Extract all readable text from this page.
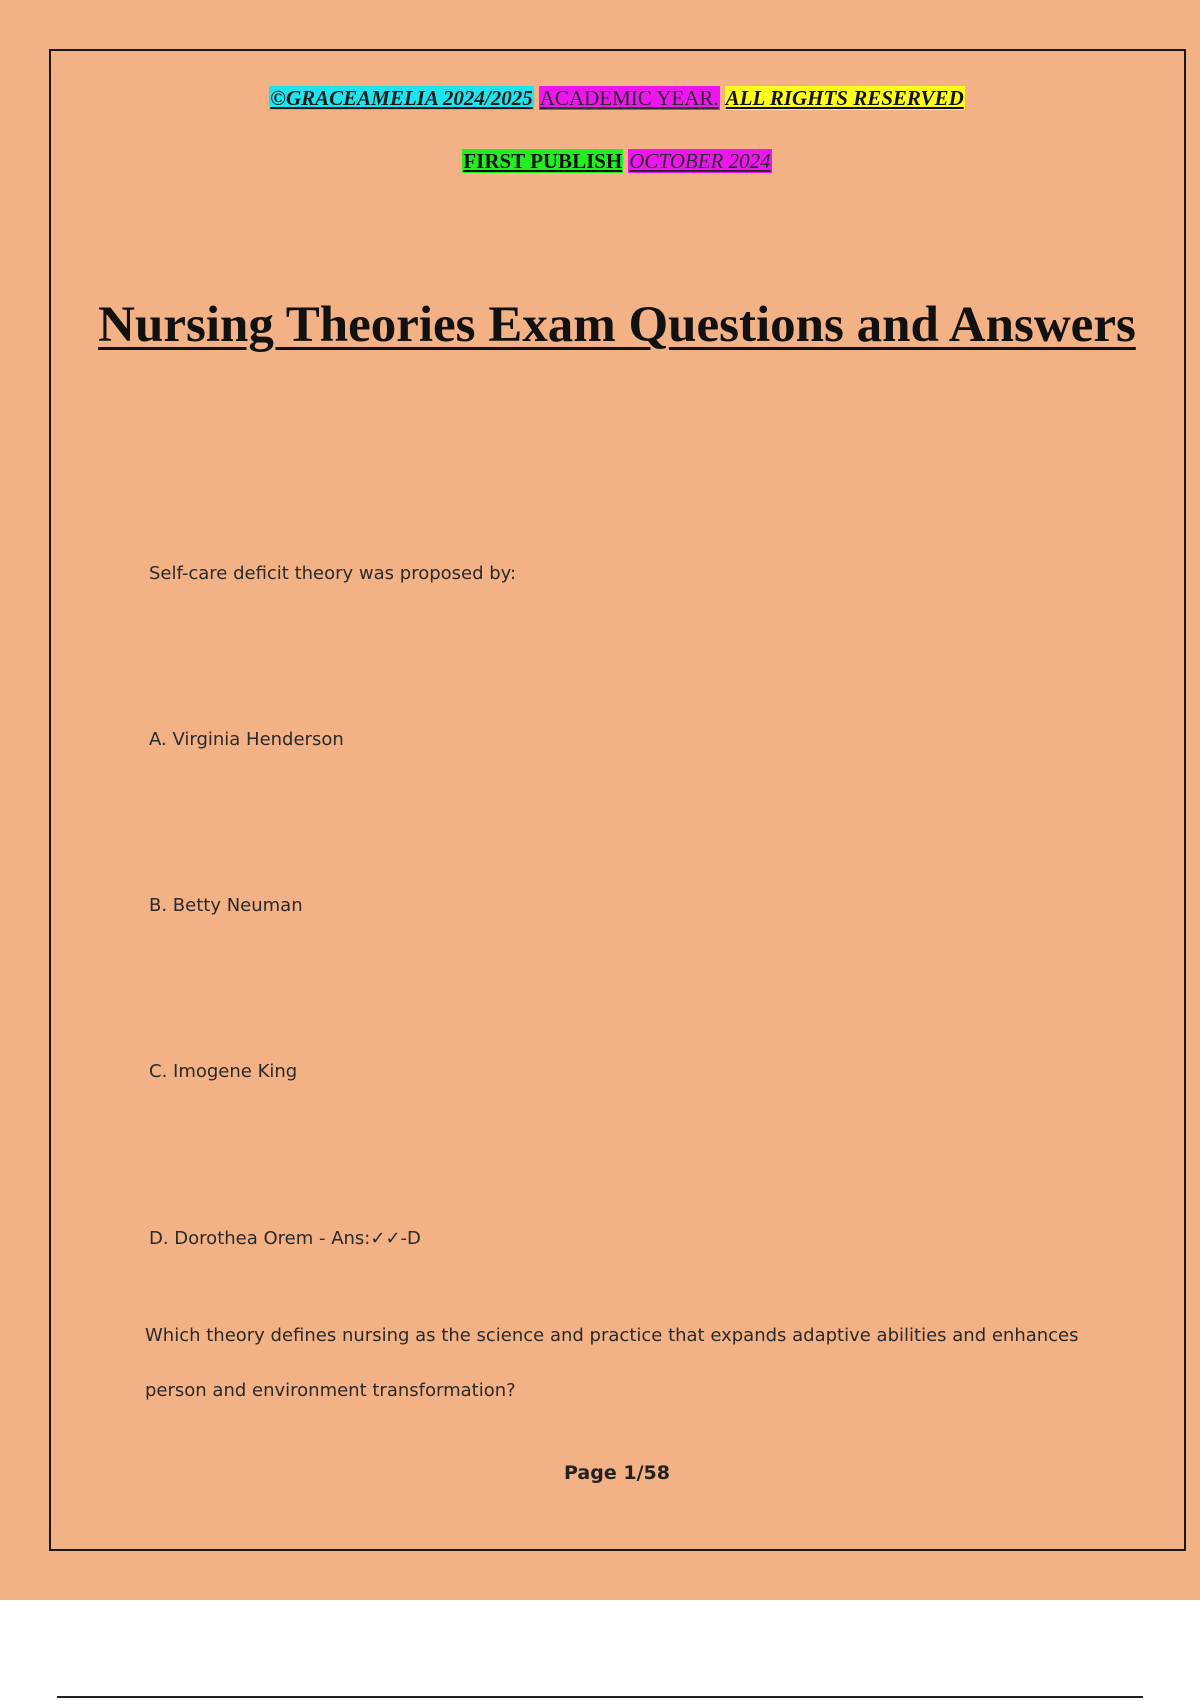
©GRACEAMELIA 2024/2025 ACADEMIC YEAR. ALL RIGHTS RESERVED
FIRST PUBLISH OCTOBER 2024
Nursing Theories Exam Questions and Answers

Self-care deficit theory was proposed by:

A. Virginia Henderson

B. Betty Neuman

C. Imogene King

D. Dorothea Orem - Ans:✓✓-D

Which theory defines nursing as the science and practice that expands adaptive abilities and enhances person and environment transformation?

Page 1/58
